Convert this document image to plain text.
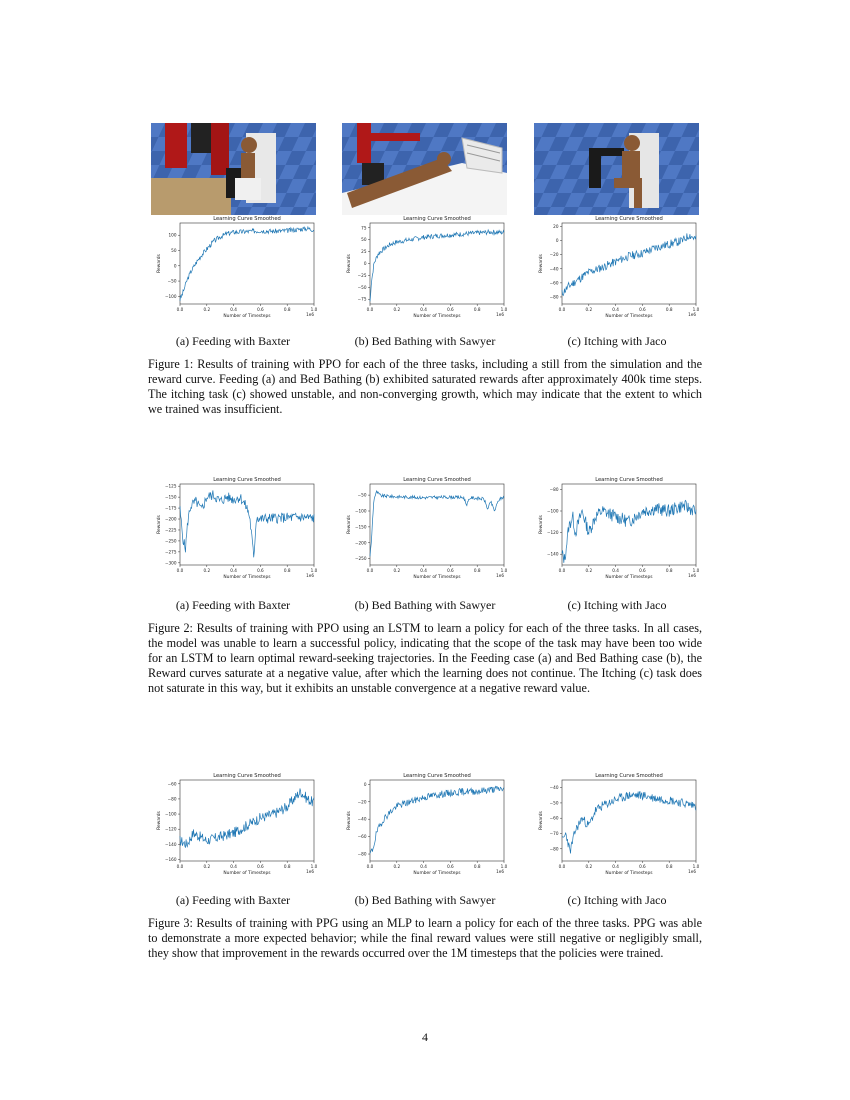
Learning Curve Smoothed
0.0	0.2	0.4	0.6	0.8	1.0
1e6
−100
−50
0
50
100
Number of Timesteps
Rewards
Learning Curve Smoothed
0.0	0.2	0.4	0.6	0.8	1.0
1e6
−75
−50
−25
0
25
50
75
Number of Timesteps
Rewards
Learning Curve Smoothed
0.0	0.2	0.4	0.6	0.8	1.0
1e6
−80
−60
−40
−20
0
20
Number of Timesteps
Rewards
Learning Curve Smoothed
0.0	0.2	0.4	0.6	0.8	1.0
1e6
−125
−150
−175
−200
−225
−250
−275
−300
Number of Timesteps
Rewards
Learning Curve Smoothed
0.0	0.2	0.4	0.6	0.8	1.0
1e6
−50
−100
−150
−200
−250
Number of Timesteps
Rewards
Learning Curve Smoothed
0.0	0.2	0.4	0.6	0.8	1.0
1e6
−80
−100
−120
−140
Number of Timesteps
Rewards
Learning Curve Smoothed
0.0	0.2	0.4	0.6	0.8	1.0
1e6
−60
−80
−100
−120
−140
−160
Number of Timesteps
Rewards
Learning Curve Smoothed
0.0	0.2	0.4	0.6	0.8	1.0
1e6
0
−20
−40
−60
−80
Number of Timesteps
Rewards
Learning Curve Smoothed
0.0	0.2	0.4	0.6	0.8	1.0
1e6
−40
−50
−60
−70
−80
Number of Timesteps
Rewards
(a) Feeding with Baxter	(b) Bed Bathing with Sawyer	(c) Itching with Jaco
(a) Feeding with Baxter	(b) Bed Bathing with Sawyer	(c) Itching with Jaco
(a) Feeding with Baxter	(b) Bed Bathing with Sawyer	(c) Itching with Jaco
Figure 1: Results of training with PPO for each of the three tasks, including a still from the simulation and the reward curve. Feeding (a) and Bed Bathing (b) exhibited saturated rewards after approximately 400k time steps. The itching task (c) showed unstable, and non-converging growth, which may indicate that the extent to which we trained was insufficient.
Figure 2: Results of training with PPO using an LSTM to learn a policy for each of the three tasks. In all cases, the model was unable to learn a successful policy, indicating that the scope of the task may have been too wide for an LSTM to learn optimal reward-seeking trajectories. In the Feeding case (a) and Bed Bathing case (b), the Reward curves saturate at a negative value, after which the learning does not continue. The Itching (c) task does not saturate in this way, but it exhibits an unstable convergence at a negative reward value.
Figure 3: Results of training with PPG using an MLP to learn a policy for each of the three tasks. PPG was able to demonstrate a more expected behavior; while the final reward values were still negative or negligibly small, they show that improvement in the rewards occurred over the 1M timesteps that the policies were trained.
4
